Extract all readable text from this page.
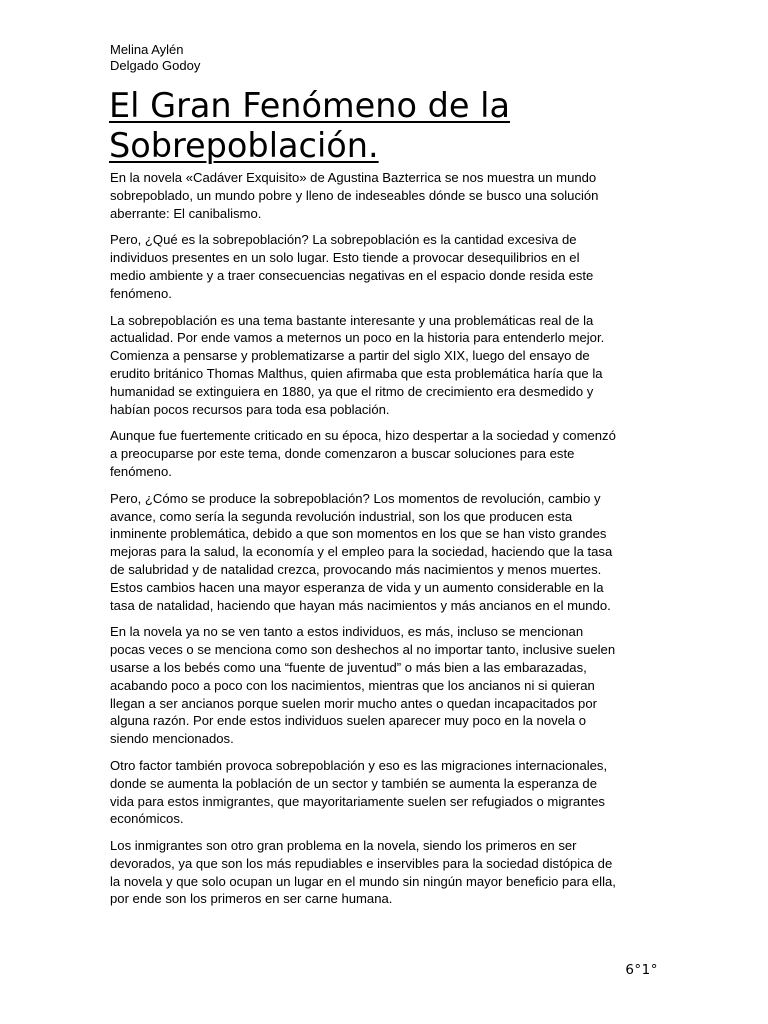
Melina Aylén
Delgado Godoy
El Gran Fenómeno de la
Sobrepoblación.

En la novela «Cadáver Exquisito» de Agustina Bazterrica se nos muestra un mundo
sobrepoblado, un mundo pobre y lleno de indeseables dónde se busco una solución
aberrante: El canibalismo.

Pero, ¿Qué es la sobrepoblación? La sobrepoblación es la cantidad excesiva de
individuos presentes en un solo lugar. Esto tiende a provocar desequilibrios en el
medio ambiente y a traer consecuencias negativas en el espacio donde resida este
fenómeno.

La sobrepoblación es una tema bastante interesante y una problemáticas real de la
actualidad. Por ende vamos a meternos un poco en la historia para entenderlo mejor.
Comienza a pensarse y problematizarse a partir del siglo XIX, luego del ensayo de
erudito británico Thomas Malthus, quien afirmaba que esta problemática haría que la
humanidad se extinguiera en 1880, ya que el ritmo de crecimiento era desmedido y
habían pocos recursos para toda esa población.

Aunque fue fuertemente criticado en su época, hizo despertar a la sociedad y comenzó
a preocuparse por este tema, donde comenzaron a buscar soluciones para este
fenómeno.

Pero, ¿Cómo se produce la sobrepoblación? Los momentos de revolución, cambio y
avance, como sería la segunda revolución industrial, son los que producen esta
inminente problemática, debido a que son momentos en los que se han visto grandes
mejoras para la salud, la economía y el empleo para la sociedad, haciendo que la tasa
de salubridad y de natalidad crezca, provocando más nacimientos y menos muertes.
Estos cambios hacen una mayor esperanza de vida y un aumento considerable en la
tasa de natalidad, haciendo que hayan más nacimientos y más ancianos en el mundo.

En la novela ya no se ven tanto a estos individuos, es más, incluso se mencionan
pocas veces o se menciona como son deshechos al no importar tanto, inclusive suelen
usarse a los bebés como una “fuente de juventud” o más bien a las embarazadas,
acabando poco a poco con los nacimientos, mientras que los ancianos ni si quieran
llegan a ser ancianos porque suelen morir mucho antes o quedan incapacitados por
alguna razón. Por ende estos individuos suelen aparecer muy poco en la novela o
siendo mencionados.

Otro factor también provoca sobrepoblación y eso es las migraciones internacionales,
donde se aumenta la población de un sector y también se aumenta la esperanza de
vida para estos inmigrantes, que mayoritariamente suelen ser refugiados o migrantes
económicos.

Los inmigrantes son otro gran problema en la novela, siendo los primeros en ser
devorados, ya que son los más repudiables e inservibles para la sociedad distópica de
la novela y que solo ocupan un lugar en el mundo sin ningún mayor beneficio para ella,
por ende son los primeros en ser carne humana.

6°1°
